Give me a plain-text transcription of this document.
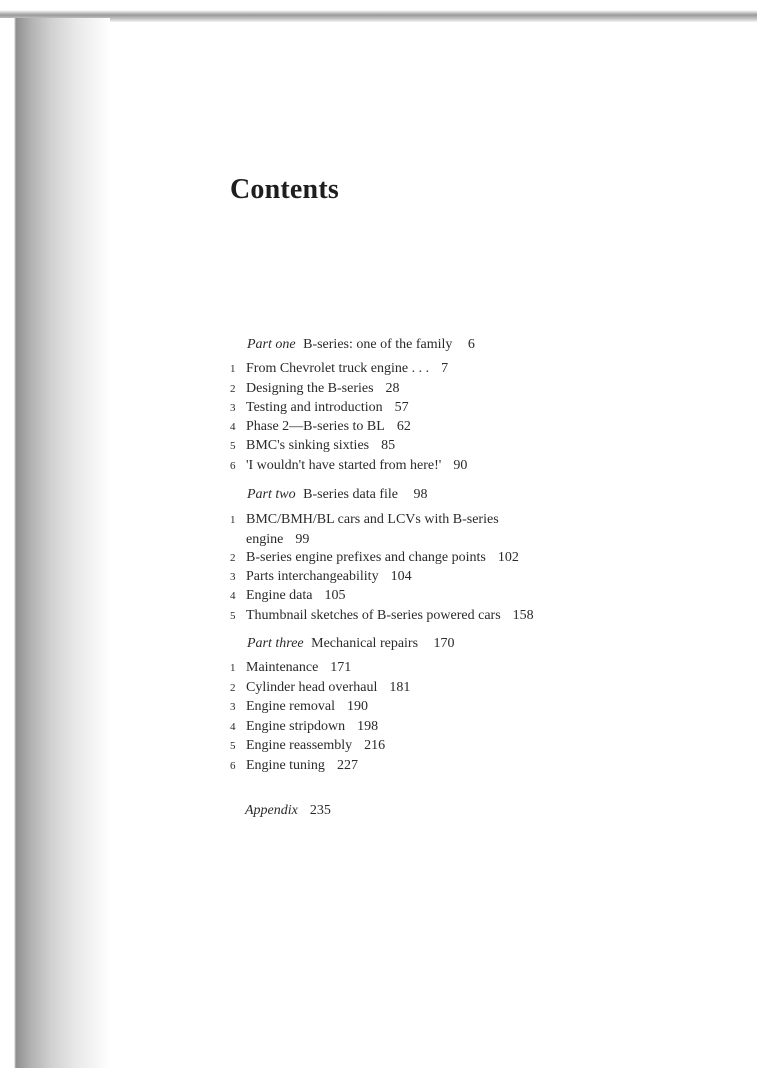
Contents
Part one B-series: one of the family 6
1 From Chevrolet truck engine . . . 7
2 Designing the B-series 28
3 Testing and introduction 57
4 Phase 2—B-series to BL 62
5 BMC's sinking sixties 85
6 'I wouldn't have started from here!' 90
Part two B-series data file 98
1 BMC/BMH/BL cars and LCVs with B-series
engine 99
2 B-series engine prefixes and change points 102
3 Parts interchangeability 104
4 Engine data 105
5 Thumbnail sketches of B-series powered cars 158
Part three Mechanical repairs 170
1 Maintenance 171
2 Cylinder head overhaul 181
3 Engine removal 190
4 Engine stripdown 198
5 Engine reassembly 216
6 Engine tuning 227
Appendix 235
